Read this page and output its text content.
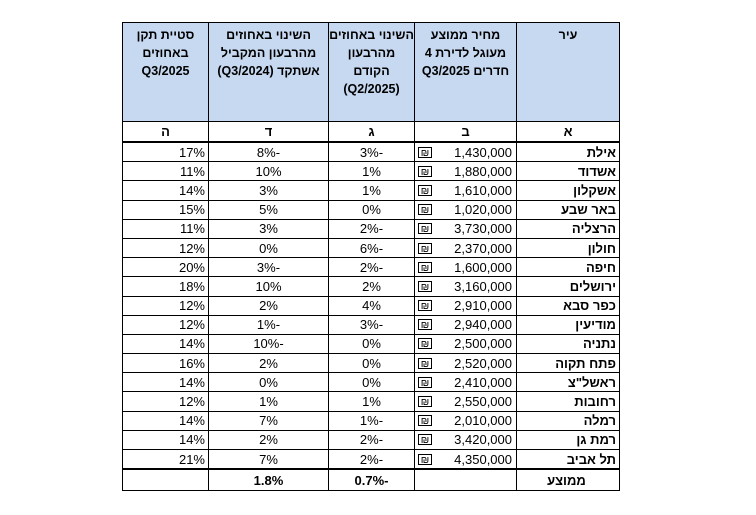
עיר	מחיר ממוצע מעוגל לדירת 4 חדרים Q3/2025	השינוי באחוזים מהרבעון הקודם (Q2/2025)	השינוי באחוזים מהרבעון המקביל אשתקד (Q3/2024)	סטיית תקן באחוזים Q3/2025
א	ב	ג	ד	ה
אילת	₪ 1,430,000	-3%	-8%	17%
אשדוד	₪ 1,880,000	1%	10%	11%
אשקלון	₪ 1,610,000	1%	3%	14%
באר שבע	₪ 1,020,000	0%	5%	15%
הרצליה	₪ 3,730,000	-2%	3%	11%
חולון	₪ 2,370,000	-6%	0%	12%
חיפה	₪ 1,600,000	-2%	-3%	20%
ירושלים	₪ 3,160,000	2%	10%	18%
כפר סבא	₪ 2,910,000	4%	2%	12%
מודיעין	₪ 2,940,000	-3%	-1%	12%
נתניה	₪ 2,500,000	0%	-10%	14%
פתח תקוה	₪ 2,520,000	0%	2%	16%
ראשל"צ	₪ 2,410,000	0%	0%	14%
רחובות	₪ 2,550,000	1%	1%	12%
רמלה	₪ 2,010,000	-1%	7%	14%
רמת גן	₪ 3,420,000	-2%	2%	14%
תל אביב	₪ 4,350,000	-2%	7%	21%
ממוצע		-0.7%	1.8%	
